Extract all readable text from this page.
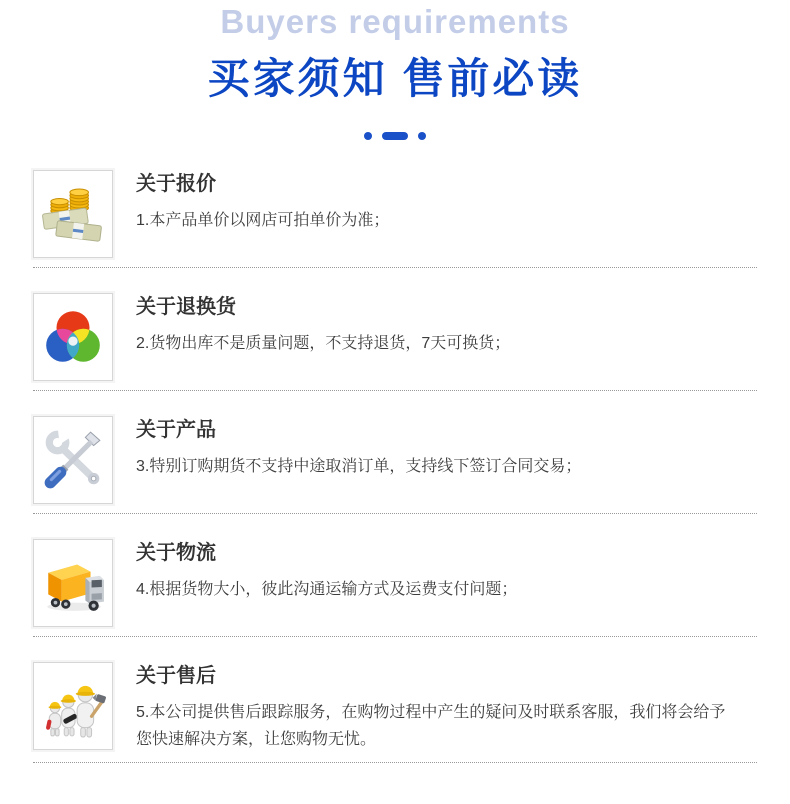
Buyers requirements
买家须知 售前必读
关于报价
1.本产品单价以网店可拍单价为准；
关于退换货
2.货物出库不是质量问题，不支持退货，7天可换货；
关于产品
3.特别订购期货不支持中途取消订单，支持线下签订合同交易；
关于物流
4.根据货物大小，彼此沟通运输方式及运费支付问题；
关于售后
5.本公司提供售后跟踪服务，在购物过程中产生的疑问及时联系客服，我们将会给予您快速解决方案，让您购物无忧。
